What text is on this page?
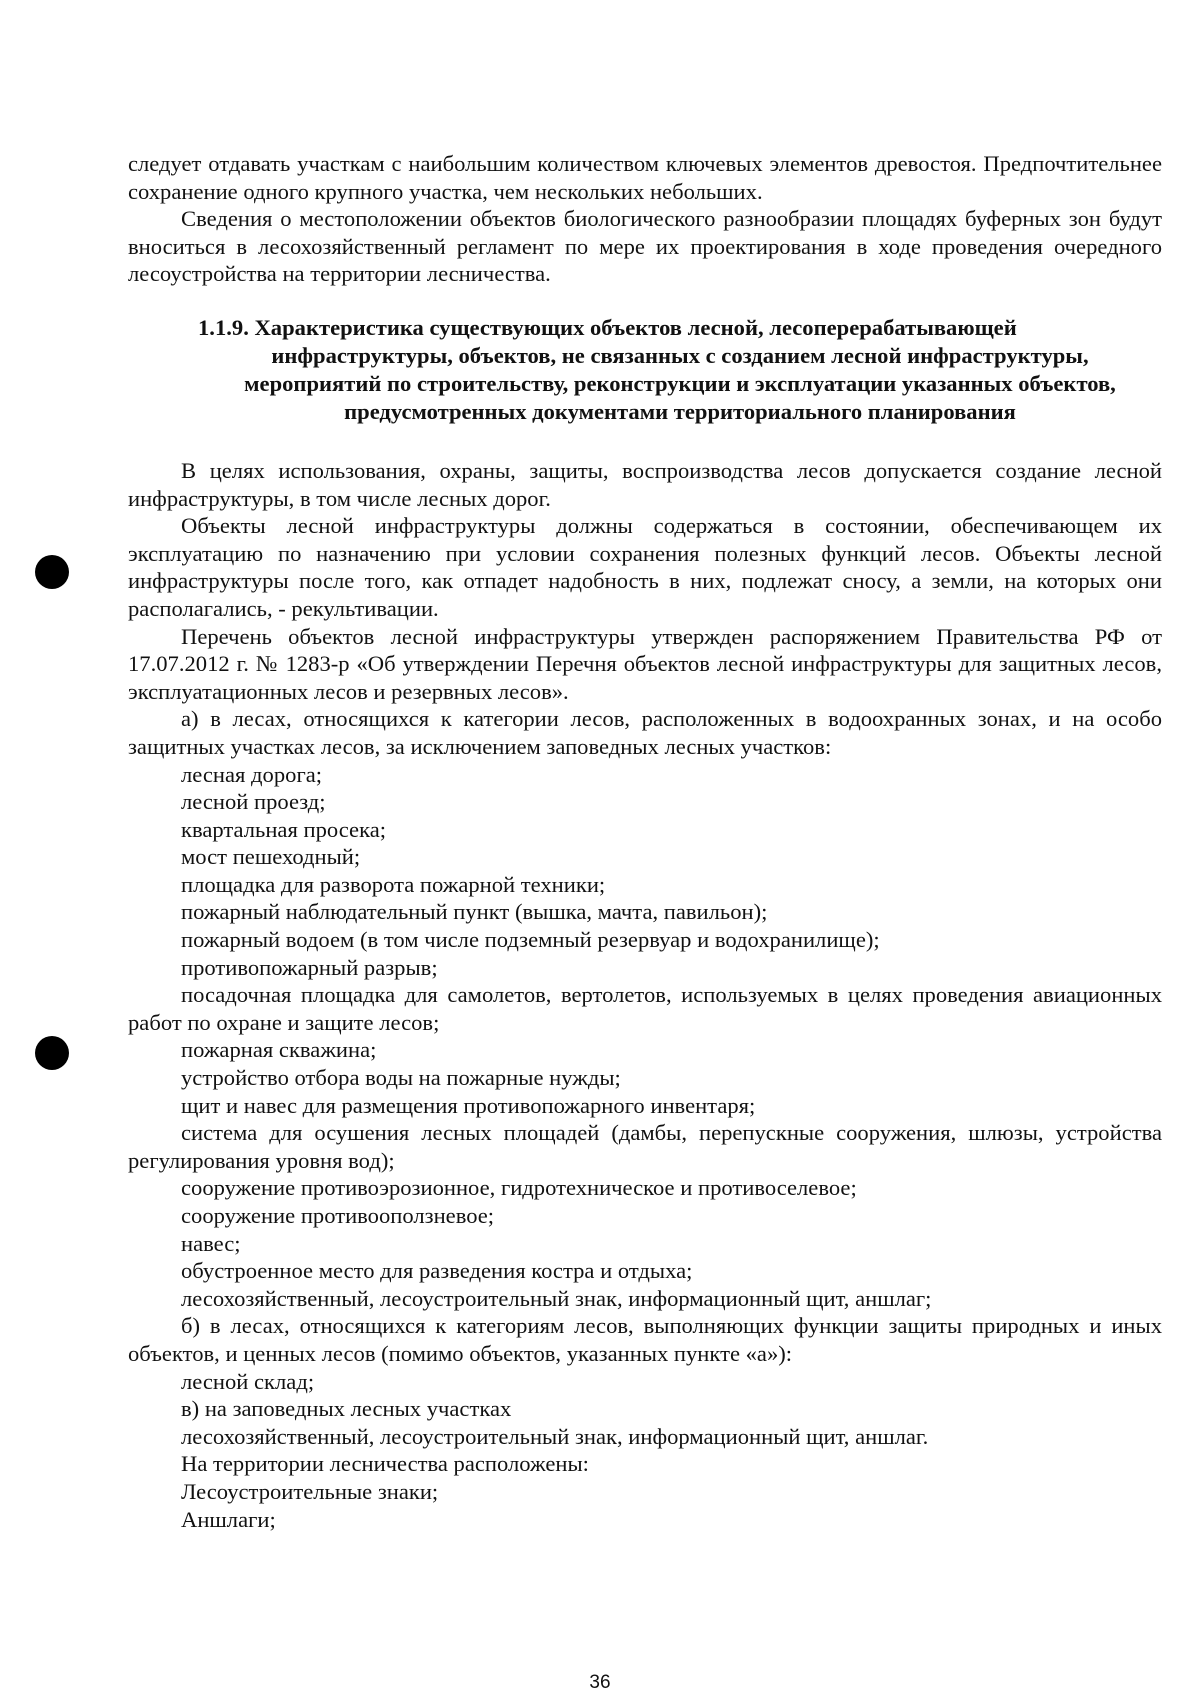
следует отдавать участкам с наибольшим количеством ключевых элементов древостоя. Предпочтительнее сохранение одного крупного участка, чем нескольких небольших.

Сведения о местоположении объектов биологического разнообразии площадях буферных зон будут вноситься в лесохозяйственный регламент по мере их проектирования в ходе проведения очередного лесоустройства на территории лесничества.

1.1.9. Характеристика существующих объектов лесной, лесоперерабатывающей
инфраструктуры, объектов, не связанных с созданием лесной инфраструктуры,
мероприятий по строительству, реконструкции и эксплуатации указанных объектов,
предусмотренных документами территориального планирования

В целях использования, охраны, защиты, воспроизводства лесов допускается создание лесной инфраструктуры, в том числе лесных дорог.

Объекты лесной инфраструктуры должны содержаться в состоянии, обеспечивающем их эксплуатацию по назначению при условии сохранения полезных функций лесов. Объекты лесной инфраструктуры после того, как отпадет надобность в них, подлежат сносу, а земли, на которых они располагались, - рекультивации.

Перечень объектов лесной инфраструктуры утвержден распоряжением Правительства РФ от 17.07.2012 г. № 1283-р «Об утверждении Перечня объектов лесной инфраструктуры для защитных лесов, эксплуатационных лесов и резервных лесов».

а) в лесах, относящихся к категории лесов, расположенных в водоохранных зонах, и на особо защитных участках лесов, за исключением заповедных лесных участков:

лесная дорога;

лесной проезд;

квартальная просека;

мост пешеходный;

площадка для разворота пожарной техники;

пожарный наблюдательный пункт (вышка, мачта, павильон);

пожарный водоем (в том числе подземный резервуар и водохранилище);

противопожарный разрыв;

посадочная площадка для самолетов, вертолетов, используемых в целях проведения авиационных работ по охране и защите лесов;

пожарная скважина;

устройство отбора воды на пожарные нужды;

щит и навес для размещения противопожарного инвентаря;

система для осушения лесных площадей (дамбы, перепускные сооружения, шлюзы, устройства регулирования уровня вод);

сооружение противоэрозионное, гидротехническое и противоселевое;

сооружение противооползневое;

навес;

обустроенное место для разведения костра и отдыха;

лесохозяйственный, лесоустроительный знак, информационный щит, аншлаг;

б) в лесах, относящихся к категориям лесов, выполняющих функции защиты природных и иных объектов, и ценных лесов (помимо объектов, указанных пункте «а»):

лесной склад;

в) на заповедных лесных участках

лесохозяйственный, лесоустроительный знак, информационный щит, аншлаг.

На территории лесничества расположены:

Лесоустроительные знаки;

Аншлаги;

36
